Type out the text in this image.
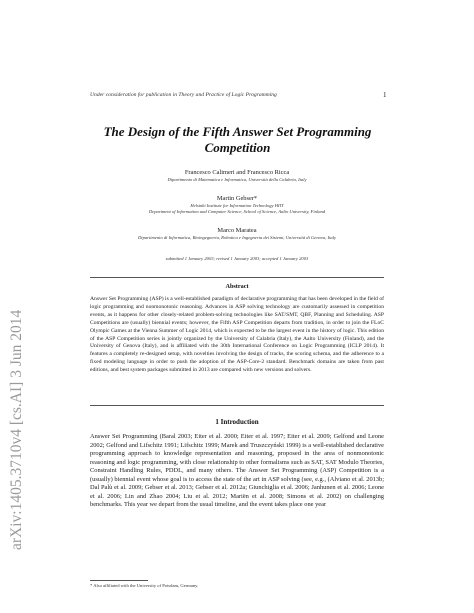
arXiv:1405.3710v4 [cs.AI] 3 Jun 2014
Under consideration for publication in Theory and Practice of Logic Programming	1
The Design of the Fifth Answer Set Programming
Competition
Francesco Calimeri and Francesco Ricca
Dipartimento di Matematica e Informatica, Università della Calabria, Italy
Martin Gebser*
Helsinki Institute for Information Technology HIIT
Department of Information and Computer Science, School of Science, Aalto University, Finland
Marco Maratea
Dipartimento di Informatica, Bioingegneria, Robotica e Ingegneria dei Sistemi, Università di Genova, Italy
submitted 1 January 2003; revised 1 January 2003; accepted 1 January 2003
Abstract
Answer Set Programming (ASP) is a well-established paradigm of declarative programming that has been developed in the field of logic programming and nonmonotonic reasoning. Advances in ASP solving technology are customarily assessed in competition events, as it happens for other closely-related problem-solving technologies like SAT/SMT, QBF, Planning and Scheduling. ASP Competitions are (usually) biennial events; however, the Fifth ASP Competition departs from tradition, in order to join the FLoC Olympic Games at the Vienna Summer of Logic 2014, which is expected to be the largest event in the history of logic. This edition of the ASP Competition series is jointly organized by the University of Calabria (Italy), the Aalto University (Finland), and the University of Genova (Italy), and is affiliated with the 30th International Conference on Logic Programming (ICLP 2014). It features a completely re-designed setup, with novelties involving the design of tracks, the scoring schema, and the adherence to a fixed modeling language in order to push the adoption of the ASP-Core-2 standard. Benchmark domains are taken from past editions, and best system packages submitted in 2013 are compared with new versions and solvers.
1 Introduction
Answer Set Programming (Baral 2003; Eiter et al. 2000; Eiter et al. 1997; Eiter et al. 2009; Gelfond and Leone 2002; Gelfond and Lifschitz 1991; Lifschitz 1999; Marek and Truszczyński 1999) is a well-established declarative programming approach to knowledge representation and reasoning, proposed in the area of nonmonotonic reasoning and logic programming, with close relationship to other formalisms such as SAT, SAT Modulo Theories, Constraint Handling Rules, PDDL, and many others. The Answer Set Programming (ASP) Competition is a (usually) biennial event whose goal is to access the state of the art in ASP solving (see, e.g., (Alviano et al. 2013b; Dal Palù et al. 2009; Gebser et al. 2013; Gebser et al. 2012a; Giunchiglia et al. 2006; Janhunen et al. 2006; Leone et al. 2006; Lin and Zhao 2004; Liu et al. 2012; Mariën et al. 2008; Simons et al. 2002) on challenging benchmarks. This year we depart from the usual timeline, and the event takes place one year
* Also affiliated with the University of Potsdam, Germany.
